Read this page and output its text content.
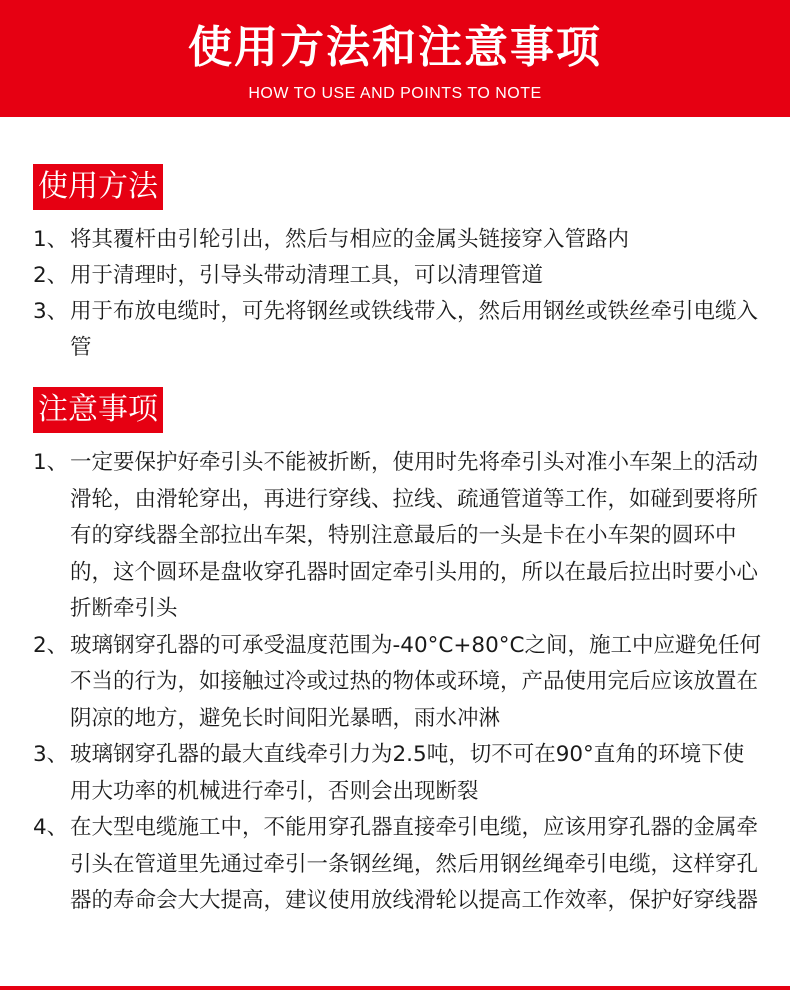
使用方法和注意事项
HOW TO USE AND POINTS TO NOTE
使用方法
1、 将其覆杆由引轮引出，然后与相应的金属头链接穿入管路内
2、 用于清理时，引导头带动清理工具，可以清理管道
3、 用于布放电缆时，可先将钢丝或铁线带入，然后用钢丝或铁丝牵引电缆入管
注意事项
1、 一定要保护好牵引头不能被折断，使用时先将牵引头对准小车架上的活动滑轮，由滑轮穿出，再进行穿线、拉线、疏通管道等工作，如碰到要将所有的穿线器全部拉出车架，特别注意最后的一头是卡在小车架的圆环中的，这个圆环是盘收穿孔器时固定牵引头用的，所以在最后拉出时要小心折断牵引头
2、 玻璃钢穿孔器的可承受温度范围为-40°C+80°C之间，施工中应避免任何不当的行为，如接触过冷或过热的物体或环境，产品使用完后应该放置在阴凉的地方，避免长时间阳光暴晒，雨水冲淋
3、 玻璃钢穿孔器的最大直线牵引力为2.5吨，切不可在90°直角的环境下使用大功率的机械进行牵引，否则会出现断裂
4、 在大型电缆施工中，不能用穿孔器直接牵引电缆，应该用穿孔器的金属牵引头在管道里先通过牵引一条钢丝绳，然后用钢丝绳牵引电缆，这样穿孔器的寿命会大大提高，建议使用放线滑轮以提高工作效率，保护好穿线器
